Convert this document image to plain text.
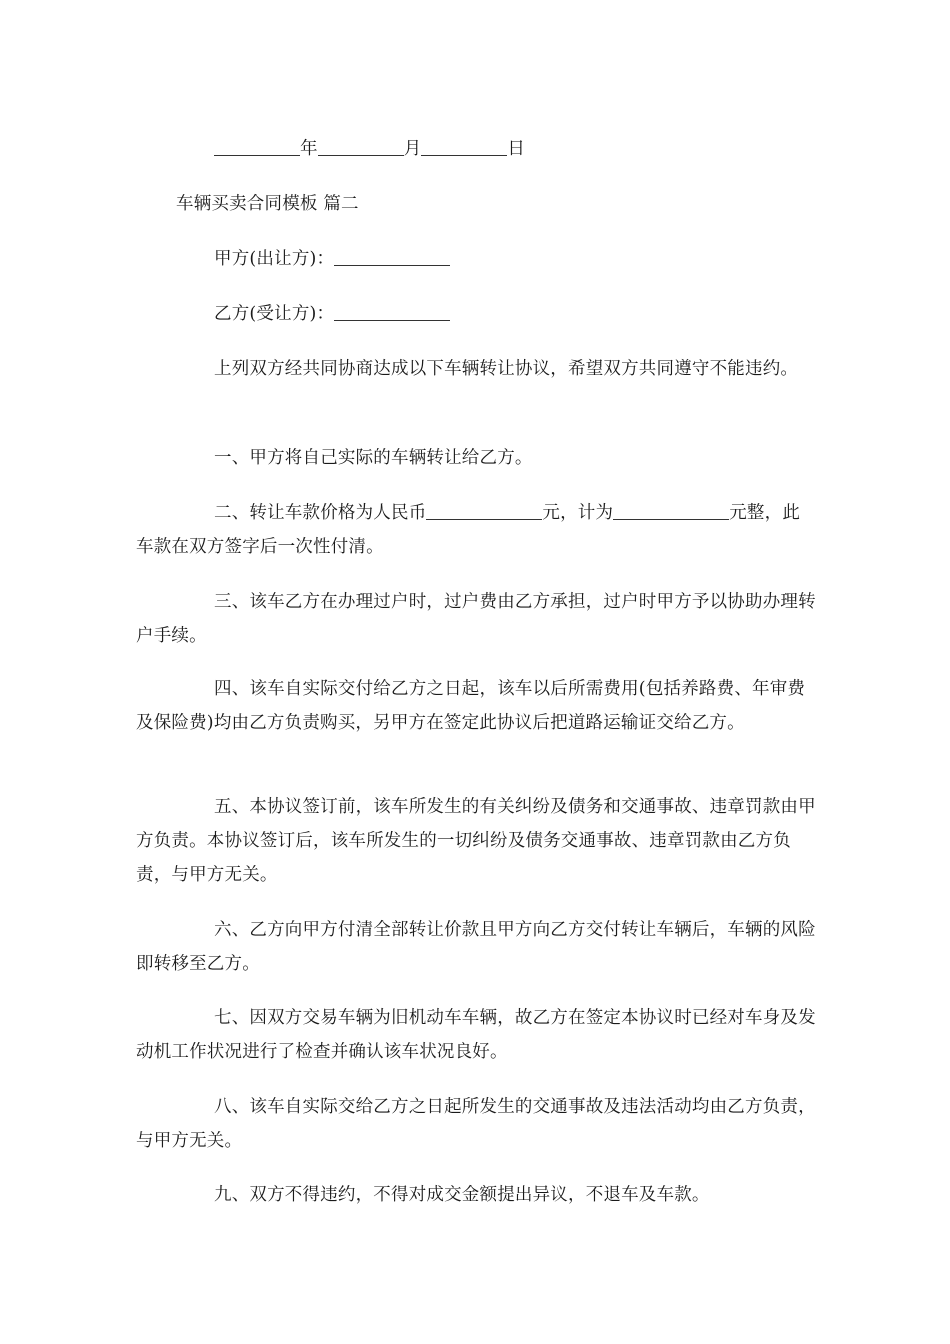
年	月	日
车辆买卖合同模板 篇二
甲方(出让方)：
乙方(受让方)：
上列双方经共同协商达成以下车辆转让协议，希望双方共同遵守不能违约。
一、甲方将自己实际的车辆转让给乙方。
二、转让车款价格为人民币	元，计为	元整，此车款在双方签字后一次性付清。
三、该车乙方在办理过户时，过户费由乙方承担，过户时甲方予以协助办理转户手续。
四、该车自实际交付给乙方之日起，该车以后所需费用(包括养路费、年审费及保险费)均由乙方负责购买，另甲方在签定此协议后把道路运输证交给乙方。
五、本协议签订前，该车所发生的有关纠纷及债务和交通事故、违章罚款由甲方负责。本协议签订后，该车所发生的一切纠纷及债务交通事故、违章罚款由乙方负责，与甲方无关。
六、乙方向甲方付清全部转让价款且甲方向乙方交付转让车辆后，车辆的风险即转移至乙方。
七、因双方交易车辆为旧机动车车辆，故乙方在签定本协议时已经对车身及发动机工作状况进行了检查并确认该车状况良好。
八、该车自实际交给乙方之日起所发生的交通事故及违法活动均由乙方负责，与甲方无关。
九、双方不得违约，不得对成交金额提出异议，不退车及车款。
